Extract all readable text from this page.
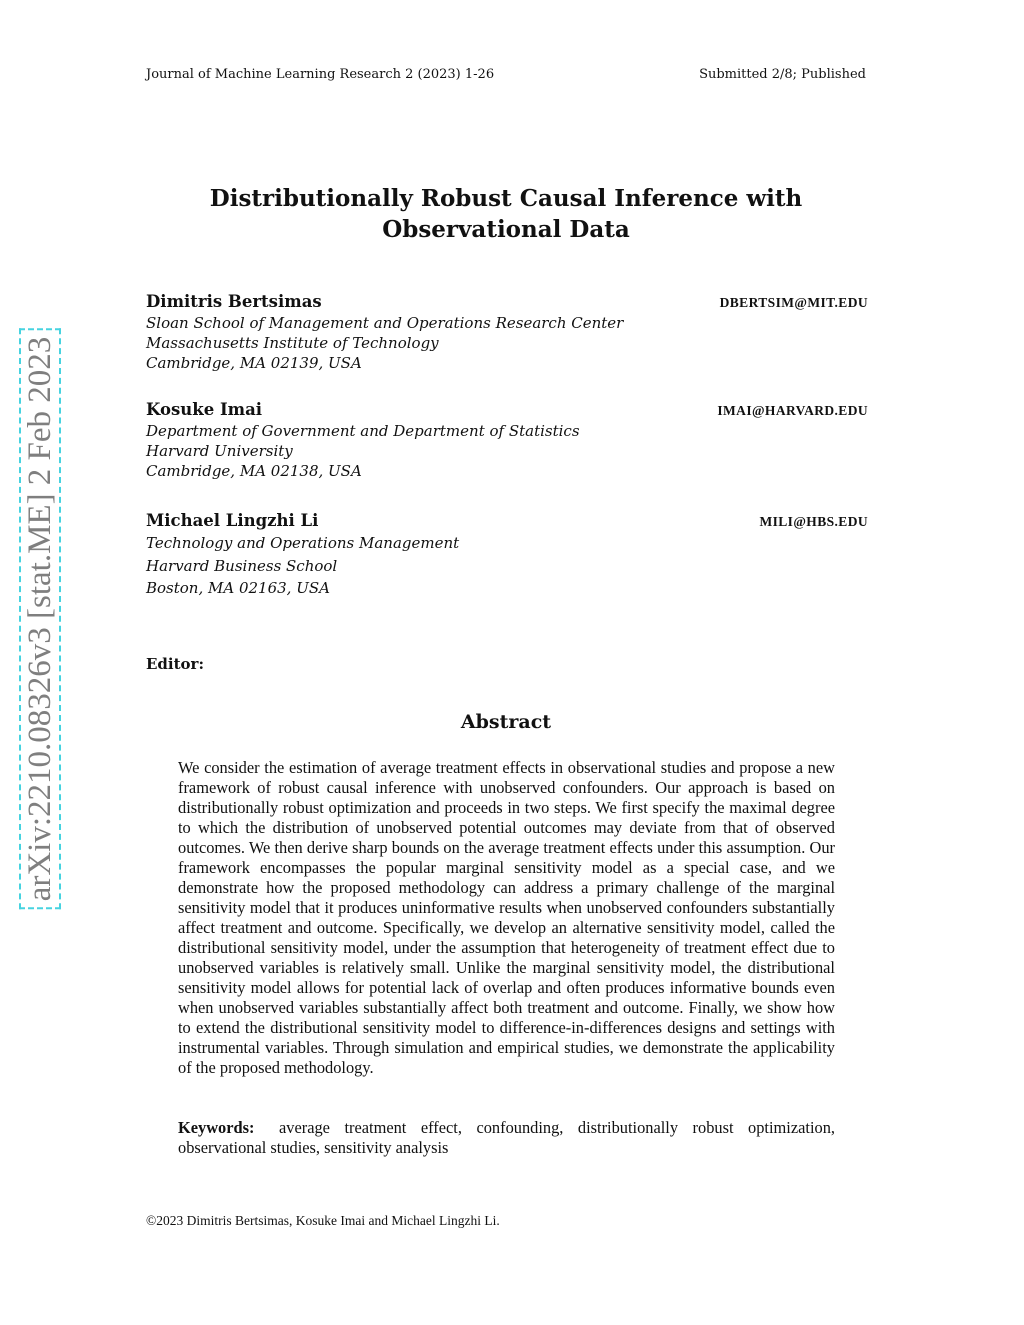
Journal of Machine Learning Research 2 (2023) 1-26	Submitted 2/8; Published
Distributionally Robust Causal Inference with Observational Data
Dimitris Bertsimas	DBERTSIM@MIT.EDU
Sloan School of Management and Operations Research Center
Massachusetts Institute of Technology
Cambridge, MA 02139, USA
Kosuke Imai	IMAI@HARVARD.EDU
Department of Government and Department of Statistics
Harvard University
Cambridge, MA 02138, USA
Michael Lingzhi Li	MILI@HBS.EDU
Technology and Operations Management
Harvard Business School
Boston, MA 02163, USA
Editor:
Abstract
We consider the estimation of average treatment effects in observational studies and propose a new framework of robust causal inference with unobserved confounders. Our approach is based on distributionally robust optimization and proceeds in two steps. We first specify the maximal degree to which the distribution of unobserved potential outcomes may deviate from that of observed outcomes. We then derive sharp bounds on the average treatment effects under this assumption. Our framework encompasses the popular marginal sensitivity model as a special case, and we demonstrate how the proposed methodology can address a primary challenge of the marginal sensitivity model that it produces uninformative results when unobserved confounders substantially affect treatment and outcome. Specifically, we develop an alternative sensitivity model, called the distributional sensitivity model, under the assumption that heterogeneity of treatment effect due to unobserved variables is relatively small. Unlike the marginal sensitivity model, the distributional sensitivity model allows for potential lack of overlap and often produces informative bounds even when unobserved variables substantially affect both treatment and outcome. Finally, we show how to extend the distributional sensitivity model to difference-in-differences designs and settings with instrumental variables. Through simulation and empirical studies, we demonstrate the applicability of the proposed methodology.
Keywords: average treatment effect, confounding, distributionally robust optimization, observational studies, sensitivity analysis
©2023 Dimitris Bertsimas, Kosuke Imai and Michael Lingzhi Li.
arXiv:2210.08326v3 [stat.ME] 2 Feb 2023
